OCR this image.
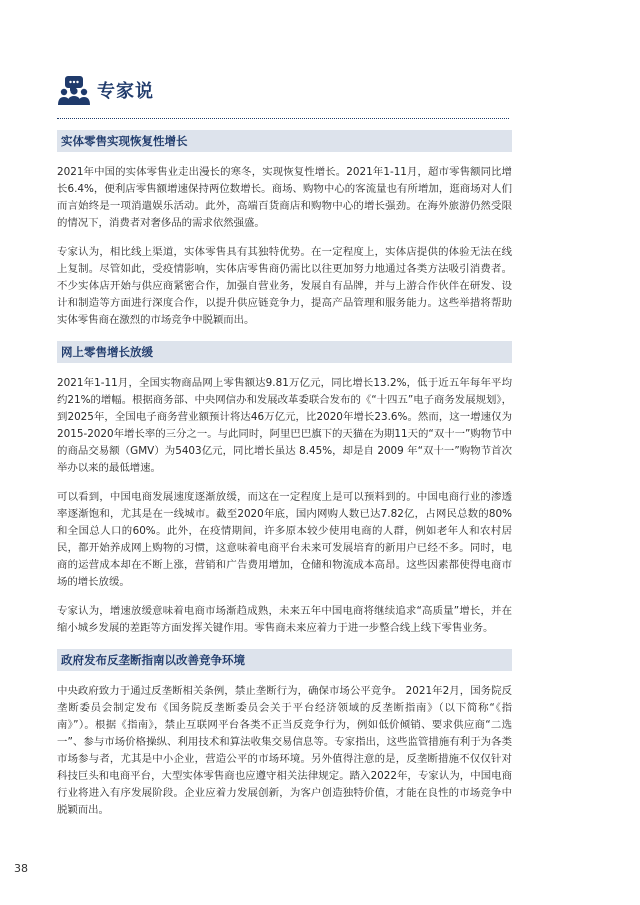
专家说
实体零售实现恢复性增长

2021年中国的实体零售业走出漫长的寒冬，实现恢复性增长。2021年1-11月，超市零售额同比增长6.4%，便利店零售额增速保持两位数增长。商场、购物中心的客流量也有所增加，逛商场对人们而言始终是一项消遣娱乐活动。此外，高端百货商店和购物中心的增长强劲。在海外旅游仍然受限的情况下，消费者对奢侈品的需求依然强盛。

专家认为，相比线上渠道，实体零售具有其独特优势。在一定程度上，实体店提供的体验无法在线上复制。尽管如此，受疫情影响，实体店零售商仍需比以往更加努力地通过各类方法吸引消费者。不少实体店开始与供应商紧密合作，加强自营业务，发展自有品牌，并与上游合作伙伴在研发、设计和制造等方面进行深度合作，以提升供应链竞争力，提高产品管理和服务能力。这些举措将帮助实体零售商在激烈的市场竞争中脱颖而出。

网上零售增长放缓

2021年1-11月，全国实物商品网上零售额达9.81万亿元，同比增长13.2%，低于近五年每年平均约21%的增幅。根据商务部、中央网信办和发展改革委联合发布的《“十四五”电子商务发展规划》，到2025年，全国电子商务营业额预计将达46万亿元，比2020年增长23.6%。然而，这一增速仅为2015-2020年增长率的三分之一。与此同时，阿里巴巴旗下的天猫在为期11天的“双十一”购物节中的商品交易额（GMV）为5403亿元，同比增长虽达 8.45%，却是自 2009 年“双十一”购物节首次举办以来的最低增速。

可以看到，中国电商发展速度逐渐放缓，而这在一定程度上是可以预料到的。中国电商行业的渗透率逐渐饱和，尤其是在一线城市。截至2020年底，国内网购人数已达7.82亿，占网民总数的80%和全国总人口的60%。此外，在疫情期间，许多原本较少使用电商的人群，例如老年人和农村居民，都开始养成网上购物的习惯，这意味着电商平台未来可发展培育的新用户已经不多。同时，电商的运营成本却在不断上涨，营销和广告费用增加，仓储和物流成本高昂。这些因素都使得电商市场的增长放缓。

专家认为，增速放缓意味着电商市场渐趋成熟，未来五年中国电商将继续追求“高质量”增长，并在缩小城乡发展的差距等方面发挥关键作用。零售商未来应着力于进一步整合线上线下零售业务。

政府发布反垄断指南以改善竞争环境

中央政府致力于通过反垄断相关条例，禁止垄断行为，确保市场公平竞争。 2021年2月，国务院反垄断委员会制定发布《国务院反垄断委员会关于平台经济领域的反垄断指南》（以下简称“《指南》”）。根据《指南》，禁止互联网平台各类不正当反竞争行为，例如低价倾销、要求供应商“二选一”、参与市场价格操纵、利用技术和算法收集交易信息等。专家指出，这些监管措施有利于为各类市场参与者，尤其是中小企业，营造公平的市场环境。另外值得注意的是，反垄断措施不仅仅针对科技巨头和电商平台，大型实体零售商也应遵守相关法律规定。踏入2022年，专家认为，中国电商行业将进入有序发展阶段。企业应着力发展创新，为客户创造独特价值，才能在良性的市场竞争中脱颖而出。

38
